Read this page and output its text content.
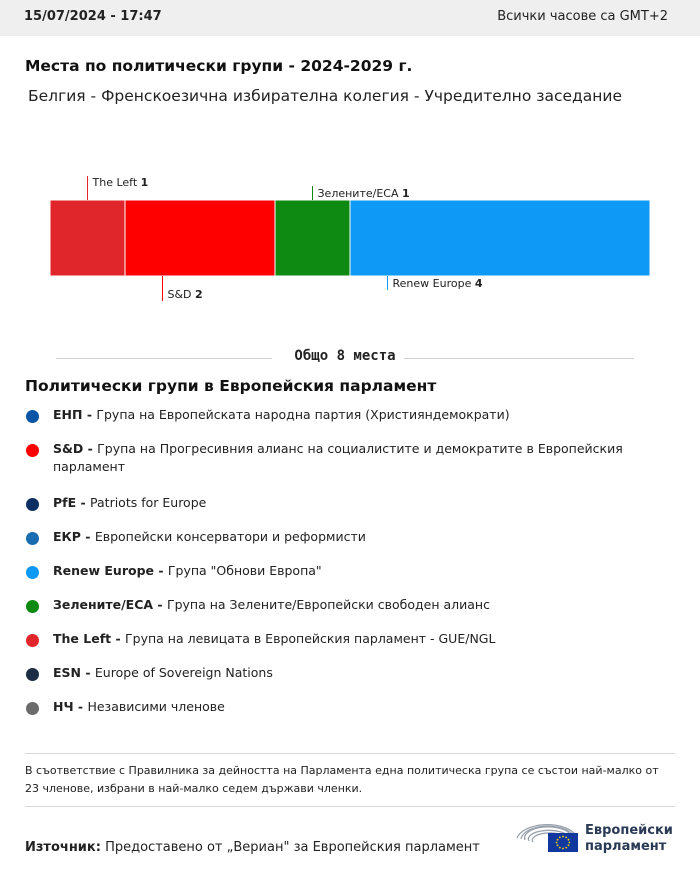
15/07/2024 - 17:47	Всички часове са GMT+2
Места по политически групи - 2024-2029 г.
Белгия - Френскоезична избирателна колегия - Учредително заседание
The Left 1
S&D 2
Зелените/ЕСА 1
Renew Europe 4
Общо 8 места
Политически групи в Европейския парламент
ЕНП - Група на Европейската народна партия (Християндемократи)
S&D - Група на Прогресивния алианс на социалистите и демократите в Европейския парламент
PfE - Patriots for Europe
ЕКР - Европейски консерватори и реформисти
Renew Europe - Група "Обнови Европа"
Зелените/ЕСА - Група на Зелените/Европейски свободен алианс
The Left - Група на левицата в Европейския парламент - GUE/NGL
ESN - Europe of Sovereign Nations
НЧ - Независими членове
В съответствие с Правилника за дейността на Парламента една политическа група се състои най-малко от 23 членове, избрани в най-малко седем държави членки.
Източник: Предоставено от „Вериан" за Европейския парламент
Европейски
парламент
